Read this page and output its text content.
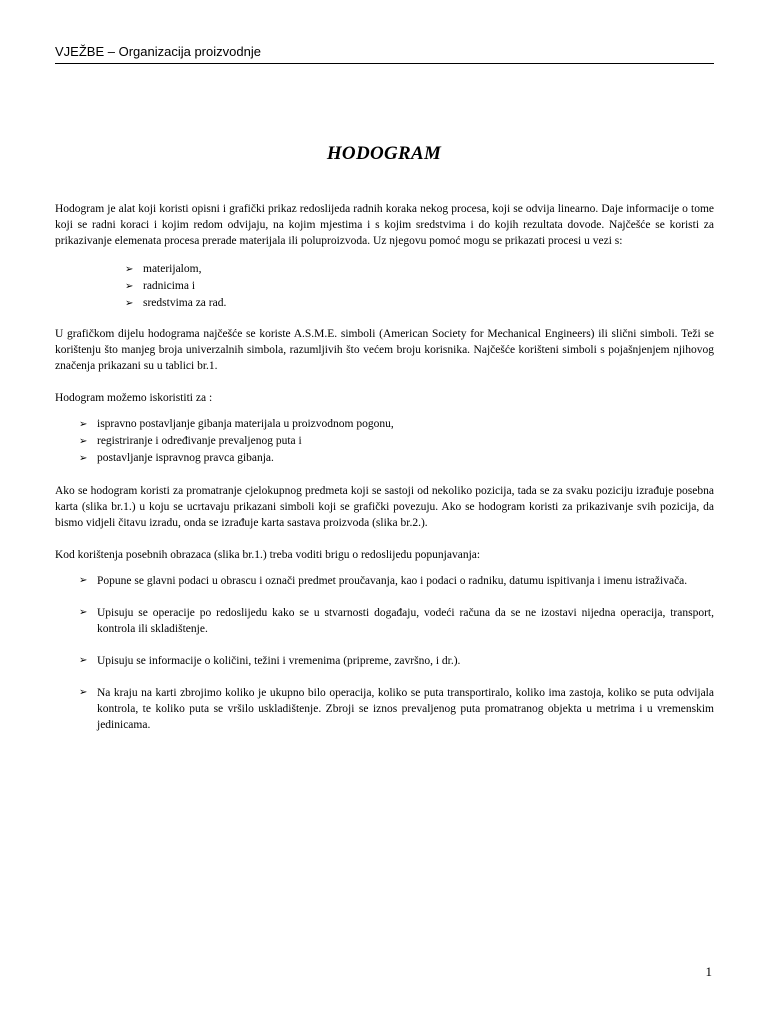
VJEŽBE – Organizacija proizvodnje
HODOGRAM

Hodogram je alat koji koristi opisni i grafički prikaz redoslijeda radnih koraka nekog procesa, koji se odvija linearno. Daje informacije o tome koji se radni koraci i kojim redom odvijaju, na kojim mjestima i s kojim sredstvima i do kojih rezultata dovode. Najčešće se koristi za prikazivanje elemenata procesa prerade materijala ili poluproizvoda. Uz njegovu pomoć mogu se prikazati procesi u vezi s:

➢ materijalom,
➢ radnicima i
➢ sredstvima za rad.

U grafičkom dijelu hodograma najčešće se koriste A.S.M.E. simboli (American Society for Mechanical Engineers) ili slični simboli. Teži se korištenju što manjeg broja univerzalnih simbola, razumljivih što većem broju korisnika. Najčešće korišteni simboli s pojašnjenjem njihovog značenja prikazani su u tablici br.1.

Hodogram možemo iskoristiti za :

➢ ispravno postavljanje gibanja materijala u proizvodnom pogonu,
➢ registriranje i određivanje prevaljenog puta i
➢ postavljanje ispravnog pravca gibanja.

Ako se hodogram koristi za promatranje cjelokupnog predmeta koji se sastoji od nekoliko pozicija, tada se za svaku poziciju izrađuje posebna karta (slika br.1.) u koju se ucrtavaju prikazani simboli koji se grafički povezuju. Ako se hodogram koristi za prikazivanje svih pozicija, da bismo vidjeli čitavu izradu, onda se izrađuje karta sastava proizvoda (slika br.2.).

Kod korištenja posebnih obrazaca (slika br.1.) treba voditi brigu o redoslijedu popunjavanja:

➢ Popune se glavni podaci u obrascu i označi predmet proučavanja, kao i podaci o radniku, datumu ispitivanja i imenu istraživača.
➢ Upisuju se operacije po redoslijedu kako se u stvarnosti događaju, vodeći računa da se ne izostavi nijedna operacija, transport, kontrola ili skladištenje.
➢ Upisuju se informacije o količini, težini i vremenima (pripreme, završno, i dr.).
➢ Na kraju na karti zbrojimo koliko je ukupno bilo operacija, koliko se puta transportiralo, koliko ima zastoja, koliko se puta odvijala kontrola, te koliko puta se vršilo uskladištenje. Zbroji se iznos prevaljenog puta promatranog objekta u metrima i u vremenskim jedinicama.
1
